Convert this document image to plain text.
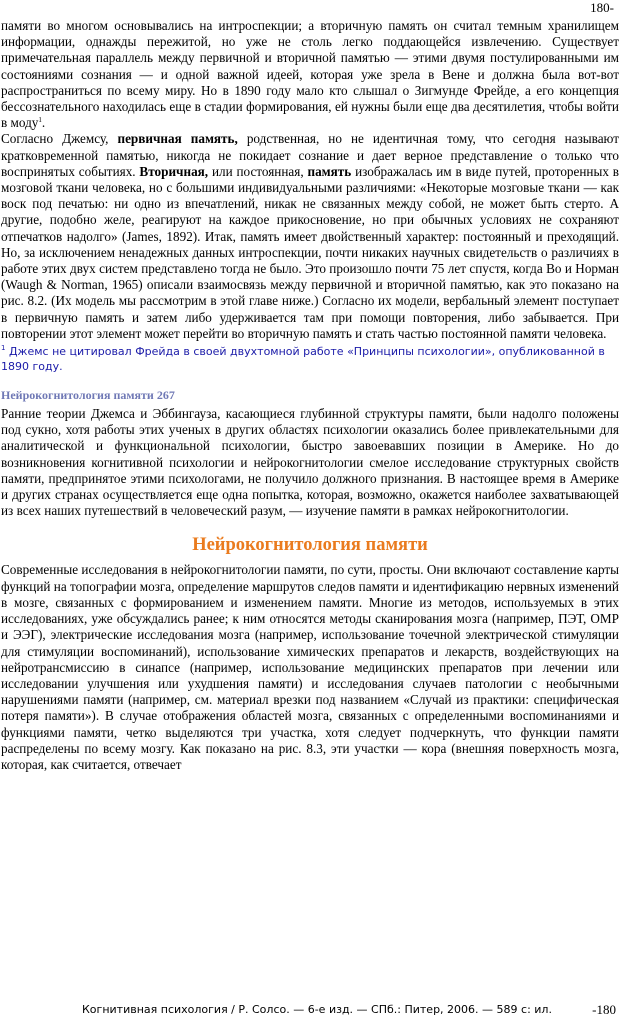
180-

памяти во многом основывались на интроспекции; а вторичную память он считал темным хранилищем информации, однажды пережитой, но уже не столь легко поддающейся извлечению. Существует примечательная параллель между первичной и вторичной памятью — этими двумя постулированными им состояниями сознания — и одной важной идеей, которая уже зрела в Вене и должна была вот-вот распространиться по всему миру. Но в 1890 году мало кто слышал о Зигмунде Фрейде, а его концепция бессознательного находилась еще в стадии формирования, ей нужны были еще два десятилетия, чтобы войти в моду$^1$.

Согласно Джемсу, первичная память, родственная, но не идентичная тому, что сегодня называют кратковременной памятью, никогда не покидает сознание и дает верное представление о только что воспринятых событиях. Вторичная, или постоянная, память изображалась им в виде путей, проторенных в мозговой ткани человека, но с большими индивидуальными различиями: «Некоторые мозговые ткани — как воск под печатью: ни одно из впечатлений, никак не связанных между собой, не может быть стерто. А другие, подобно желе, реагируют на каждое прикосновение, но при обычных условиях не сохраняют отпечатков надолго» (James, 1892). Итак, память имеет двойственный характер: постоянный и преходящий. Но, за исключением ненадежных данных интроспекции, почти никаких научных свидетельств о различиях в работе этих двух систем представлено тогда не было. Это произошло почти 75 лет спустя, когда Во и Норман (Waugh & Norman, 1965) описали взаимосвязь между первичной и вторичной памятью, как это показано на рис. 8.2. (Их модель мы рассмотрим в этой главе ниже.) Согласно их модели, вербальный элемент поступает в первичную память и затем либо удерживается там при помощи повторения, либо забывается. При повторении этот элемент может перейти во вторичную память и стать частью постоянной памяти человека.

$^1$ Джемс не цитировал Фрейда в своей двухтомной работе «Принципы психологии», опубликованной в 1890 году.
Нейрокогнитология памяти 267

Ранние теории Джемса и Эббингауза, касающиеся глубинной структуры памяти, были надолго положены под сукно, хотя работы этих ученых в других областях психологии оказались более привлекательными для аналитической и функциональной психологии, быстро завоевавших позиции в Америке. Но до возникновения когнитивной психологии и нейрокогнитологии смелое исследование структурных свойств памяти, предпринятое этими психологами, не получило должного признания. В настоящее время в Америке и других странах осуществляется еще одна попытка, которая, возможно, окажется наиболее захватывающей из всех наших путешествий в человеческий разум, — изучение памяти в рамках нейрокогнитологии.

Нейрокогнитология памяти

Современные исследования в нейрокогнитологии памяти, по сути, просты. Они включают составление карты функций на топографии мозга, определение маршрутов следов памяти и идентификацию нервных изменений в мозге, связанных с формированием и изменением памяти. Многие из методов, используемых в этих исследованиях, уже обсуждались ранее; к ним относятся методы сканирования мозга (например, ПЭТ, ОМР и ЭЭГ), электрические исследования мозга (например, использование точечной электрической стимуляции для стимуляции воспоминаний), использование химических препаратов и лекарств, воздействующих на нейротрансмиссию в синапсе (например, использование медицинских препаратов при лечении или исследовании улучшения или ухудшения памяти) и исследования случаев патологии с необычными нарушениями памяти (например, см. материал врезки под названием «Случай из практики: специфическая потеря памяти»). В случае отображения областей мозга, связанных с определенными воспоминаниями и функциями памяти, четко выделяются три участка, хотя следует подчеркнуть, что функции памяти распределены по всему мозгу. Как показано на рис. 8.3, эти участки — кора (внешняя поверхность мозга, которая, как считается, отвечает

Когнитивная психология / Р. Солсо. — 6-е изд. — СПб.: Питер, 2006. — 589 с: ил.	-180
